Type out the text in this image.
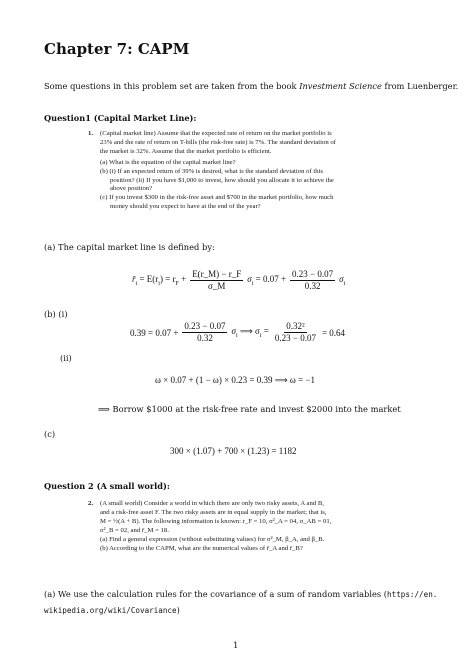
Chapter 7: CAPM
Some questions in this problem set are taken from the book Investment Science from Luenberger.
Question1 (Capital Market Line):
1.	(Capital market line) Assume that the expected rate of return on the market portfolio is
23% and the rate of return on T-bills (the risk-free rate) is 7%. The standard deviation of
the market is 32%. Assume that the market portfolio is efficient.
(a) What is the equation of the capital market line?
(b) (i) If an expected return of 39% is desired, what is the standard deviation of this
position? (ii) If you have $1,000 to invest, how should you allocate it to achieve the
above position?
(c) If you invest $300 in the risk-free asset and $700 in the market portfolio, how much
money should you expect to have at the end of the year?
(a) The capital market line is defined by:
$r̄_i = E(r_i) = r_F + \frac{E(r\_M) - r\_F}{\sigma\_M} \sigma_i = 0.07 + \frac{0.23 - 0.07}{0.32} \sigma_i$
(b) (i)
$0.39 = 0.07 + \frac{0.23 - 0.07}{0.32} \sigma_i$ ⟹ $\sigma_i = \frac{\text{0.32²}}{0.23 - 0.07} = 0.64$
(ii)
ω × 0.07 + (1 − ω) × 0.23 = 0.39 ⟹ ω = −1
⟹ Borrow $1000 at the risk-free rate and invest $2000 into the market
(c)
300 × (1.07) + 700 × (1.23) = 1182
Question 2 (A small world):
2.	(A small world) Consider a world in which there are only two risky assets, A and B,
and a risk-free asset F. The two risky assets are in equal supply in the market; that is,
M = ½(A + B). The following information is known: r_F = 10, σ²_A = 04, σ_AB = 01,
σ²_B = 02, and r̄_M = 18.
(a) Find a general expression (without substituting values) for σ²_M, β_A, and β_B.
(b) According to the CAPM, what are the numerical values of r̄_A and r̄_B?
(a) We use the calculation rules for the covariance of a sum of random variables (https://en.
wikipedia.org/wiki/Covariance)
1
